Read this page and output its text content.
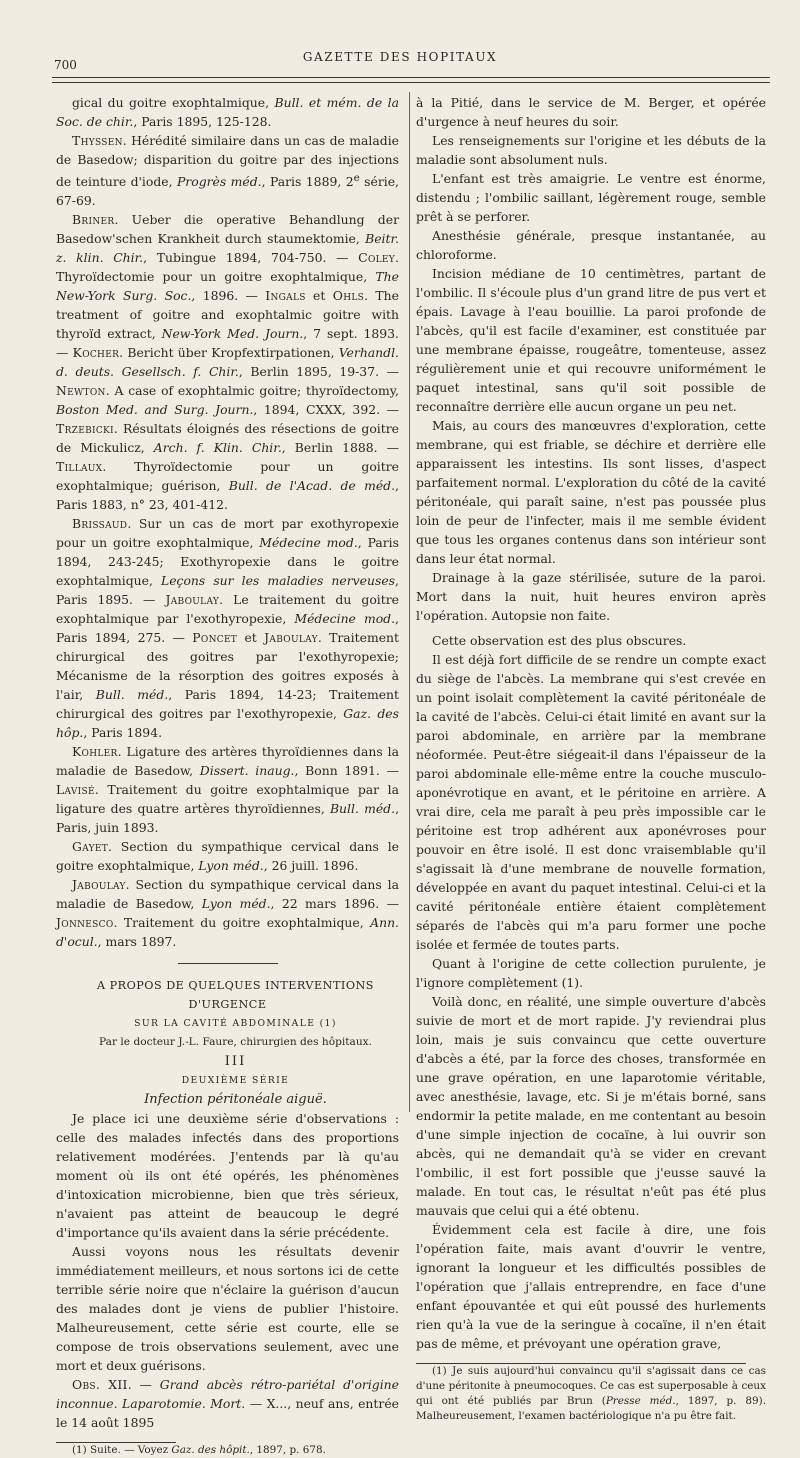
700
GAZETTE DES HOPITAUX

gical du goitre exophtalmique, Bull. et mém. de la Soc. de chir., Paris 1895, 125-128.

Thyssen. Hérédité similaire dans un cas de maladie de Basedow; disparition du goitre par des injections de teinture d'iode, Progrès méd., Paris 1889, 2e série, 67-69.

Briner. Ueber die operative Behandlung der Basedow'schen Krankheit durch staumektomie, Beitr. z. klin. Chir., Tubingue 1894, 704-750. — Coley. Thyroïdectomie pour un goitre exophtalmique, The New-York Surg. Soc., 1896. — Ingals et Ohls. The treatment of goitre and exophtalmic goitre with thyroïd extract, New-York Med. Journ., 7 sept. 1893. — Kocher. Bericht über Kropfextirpationen, Verhandl. d. deuts. Gesellsch. f. Chir., Berlin 1895, 19-37. — Newton. A case of exophtalmic goitre; thyroïdectomy, Boston Med. and Surg. Journ., 1894, CXXX, 392. — Trzebicki. Résultats éloignés des résections de goitre de Mickulicz, Arch. f. Klin. Chir., Berlin 1888. — Tillaux. Thyroïdectomie pour un goitre exophtalmique; guérison, Bull. de l'Acad. de méd., Paris 1883, n° 23, 401-412.

Brissaud. Sur un cas de mort par exothyropexie pour un goitre exophtalmique, Médecine mod., Paris 1894, 243-245; Exothyropexie dans le goitre exophtalmique, Leçons sur les maladies nerveuses, Paris 1895. — Jaboulay. Le traitement du goitre exophtalmique par l'exothyropexie, Médecine mod., Paris 1894, 275. — Poncet et Jaboulay. Traitement chirurgical des goitres par l'exothyropexie; Mécanisme de la résorption des goitres exposés à l'air, Bull. méd., Paris 1894, 14-23; Traitement chirurgical des goitres par l'exothyropexie, Gaz. des hôp., Paris 1894.

Kohler. Ligature des artères thyroïdiennes dans la maladie de Basedow, Dissert. inaug., Bonn 1891. — Lavisé. Traitement du goitre exophtalmique par la ligature des quatre artères thyroïdiennes, Bull. méd., Paris, juin 1893.

Gayet. Section du sympathique cervical dans le goitre exophtalmique, Lyon méd., 26 juill. 1896.

Jaboulay. Section du sympathique cervical dans la maladie de Basedow, Lyon méd., 22 mars 1896. — Jonnesco. Traitement du goitre exophtalmique, Ann. d'ocul., mars 1897.

A PROPOS DE QUELQUES INTERVENTIONS D'URGENCE

SUR LA CAVITÉ ABDOMINALE (1)

Par le docteur J.-L. Faure, chirurgien des hôpitaux.

III

DEUXIÈME SÉRIE

Infection péritonéale aiguë.

Je place ici une deuxième série d'observations : celle des malades infectés dans des proportions relativement modérées. J'entends par là qu'au moment où ils ont été opérés, les phénomènes d'intoxication microbienne, bien que très sérieux, n'avaient pas atteint de beaucoup le degré d'importance qu'ils avaient dans la série précédente.

Aussi voyons nous les résultats devenir immédiatement meilleurs, et nous sortons ici de cette terrible série noire que n'éclaire la guérison d'aucun des malades dont je viens de publier l'histoire. Malheureusement, cette série est courte, elle se compose de trois observations seulement, avec une mort et deux guérisons.

Obs. XII. — Grand abcès rétro-pariétal d'origine inconnue. Laparotomie. Mort. — X..., neuf ans, entrée le 14 août 1895

(1) Suite. — Voyez Gaz. des hôpit., 1897, p. 678.

à la Pitié, dans le service de M. Berger, et opérée d'urgence à neuf heures du soir.

Les renseignements sur l'origine et les débuts de la maladie sont absolument nuls.

L'enfant est très amaigrie. Le ventre est énorme, distendu ; l'ombilic saillant, légèrement rouge, semble prêt à se perforer.

Anesthésie générale, presque instantanée, au chloroforme.

Incision médiane de 10 centimètres, partant de l'ombilic. Il s'écoule plus d'un grand litre de pus vert et épais. Lavage à l'eau bouillie. La paroi profonde de l'abcès, qu'il est facile d'examiner, est constituée par une membrane épaisse, rougeâtre, tomenteuse, assez régulièrement unie et qui recouvre uniformément le paquet intestinal, sans qu'il soit possible de reconnaître derrière elle aucun organe un peu net.

Mais, au cours des manœuvres d'exploration, cette membrane, qui est friable, se déchire et derrière elle apparaissent les intestins. Ils sont lisses, d'aspect parfaitement normal. L'exploration du côté de la cavité péritonéale, qui paraît saine, n'est pas poussée plus loin de peur de l'infecter, mais il me semble évident que tous les organes contenus dans son intérieur sont dans leur état normal.

Drainage à la gaze stérilisée, suture de la paroi. Mort dans la nuit, huit heures environ après l'opération. Autopsie non faite.

Cette observation est des plus obscures.

Il est déjà fort difficile de se rendre un compte exact du siège de l'abcès. La membrane qui s'est crevée en un point isolait complètement la cavité péritonéale de la cavité de l'abcès. Celui-ci était limité en avant sur la paroi abdominale, en arrière par la membrane néoformée. Peut-être siégeait-il dans l'épaisseur de la paroi abdominale elle-même entre la couche musculo-aponévrotique en avant, et le péritoine en arrière. A vrai dire, cela me paraît à peu près impossible car le péritoine est trop adhérent aux aponévroses pour pouvoir en être isolé. Il est donc vraisemblable qu'il s'agissait là d'une membrane de nouvelle formation, développée en avant du paquet intestinal. Celui-ci et la cavité péritonéale entière étaient complètement séparés de l'abcès qui m'a paru former une poche isolée et fermée de toutes parts.

Quant à l'origine de cette collection purulente, je l'ignore complètement (1).

Voilà donc, en réalité, une simple ouverture d'abcès suivie de mort et de mort rapide. J'y reviendrai plus loin, mais je suis convaincu que cette ouverture d'abcès a été, par la force des choses, transformée en une grave opération, en une laparotomie véritable, avec anesthésie, lavage, etc. Si je m'étais borné, sans endormir la petite malade, en me contentant au besoin d'une simple injection de cocaïne, à lui ouvrir son abcès, qui ne demandait qu'à se vider en crevant l'ombilic, il est fort possible que j'eusse sauvé la malade. En tout cas, le résultat n'eût pas été plus mauvais que celui qui a été obtenu.

Évidemment cela est facile à dire, une fois l'opération faite, mais avant d'ouvrir le ventre, ignorant la longueur et les difficultés possibles de l'opération que j'allais entreprendre, en face d'une enfant épouvantée et qui eût poussé des hurlements rien qu'à la vue de la seringue à cocaïne, il n'en était pas de même, et prévoyant une opération grave,

(1) Je suis aujourd'hui convaincu qu'il s'agissait dans ce cas d'une péritonite à pneumocoques. Ce cas est superposable à ceux qui ont été publiés par Brun (Presse méd., 1897, p. 89). Malheureusement, l'examen bactériologique n'a pu être fait.
